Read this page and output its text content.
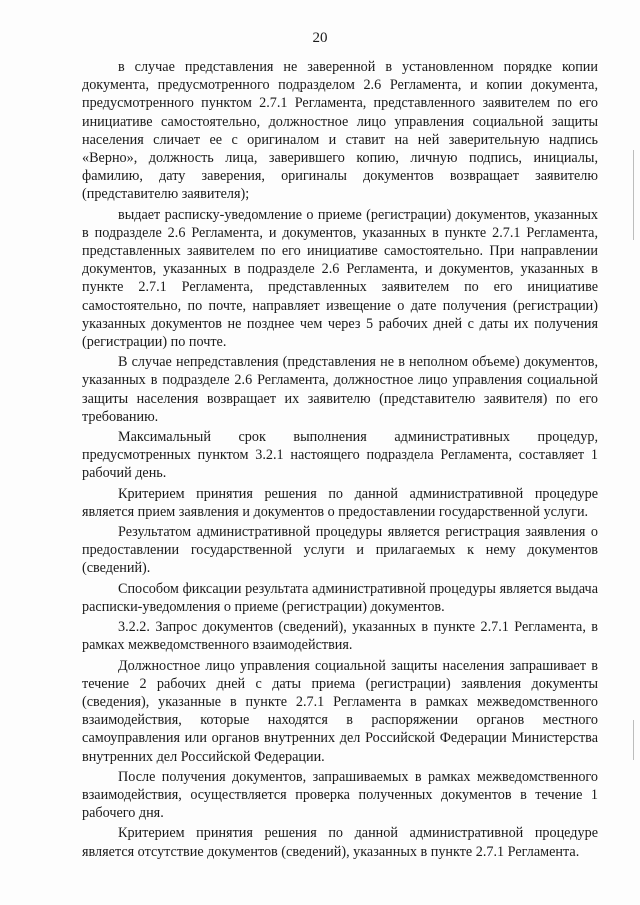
20

в случае представления не заверенной в установленном порядке копии документа, предусмотренного подразделом 2.6 Регламента, и копии документа, предусмотренного пунктом 2.7.1 Регламента, представленного заявителем по его инициативе самостоятельно, должностное лицо управления социальной защиты населения сличает ее с оригиналом и ставит на ней заверительную надпись «Верно», должность лица, заверившего копию, личную подпись, инициалы, фамилию, дату заверения, оригиналы документов возвращает заявителю (представителю заявителя);

выдает расписку-уведомление о приеме (регистрации) документов, указанных в подразделе 2.6 Регламента, и документов, указанных в пункте 2.7.1 Регламента, представленных заявителем по его инициативе самостоятельно. При направлении документов, указанных в подразделе 2.6 Регламента, и документов, указанных в пункте 2.7.1 Регламента, представленных заявителем по его инициативе самостоятельно, по почте, направляет извещение о дате получения (регистрации) указанных документов не позднее чем через 5 рабочих дней с даты их получения (регистрации) по почте.

В случае непредставления (представления не в неполном объеме) документов, указанных в подразделе 2.6 Регламента, должностное лицо управления социальной защиты населения возвращает их заявителю (представителю заявителя) по его требованию.

Максимальный срок выполнения административных процедур, предусмотренных пунктом 3.2.1 настоящего подраздела Регламента, составляет 1 рабочий день.

Критерием принятия решения по данной административной процедуре является прием заявления и документов о предоставлении государственной услуги.

Результатом административной процедуры является регистрация заявления о предоставлении государственной услуги и прилагаемых к нему документов (сведений).

Способом фиксации результата административной процедуры является выдача расписки-уведомления о приеме (регистрации) документов.

3.2.2. Запрос документов (сведений), указанных в пункте 2.7.1 Регламента, в рамках межведомственного взаимодействия.

Должностное лицо управления социальной защиты населения запрашивает в течение 2 рабочих дней с даты приема (регистрации) заявления документы (сведения), указанные в пункте 2.7.1 Регламента в рамках межведомственного взаимодействия, которые находятся в распоряжении органов местного самоуправления или органов внутренних дел Российской Федерации Министерства внутренних дел Российской Федерации.

После получения документов, запрашиваемых в рамках межведомственного взаимодействия, осуществляется проверка полученных документов в течение 1 рабочего дня.

Критерием принятия решения по данной административной процедуре является отсутствие документов (сведений), указанных в пункте 2.7.1 Регламента.
